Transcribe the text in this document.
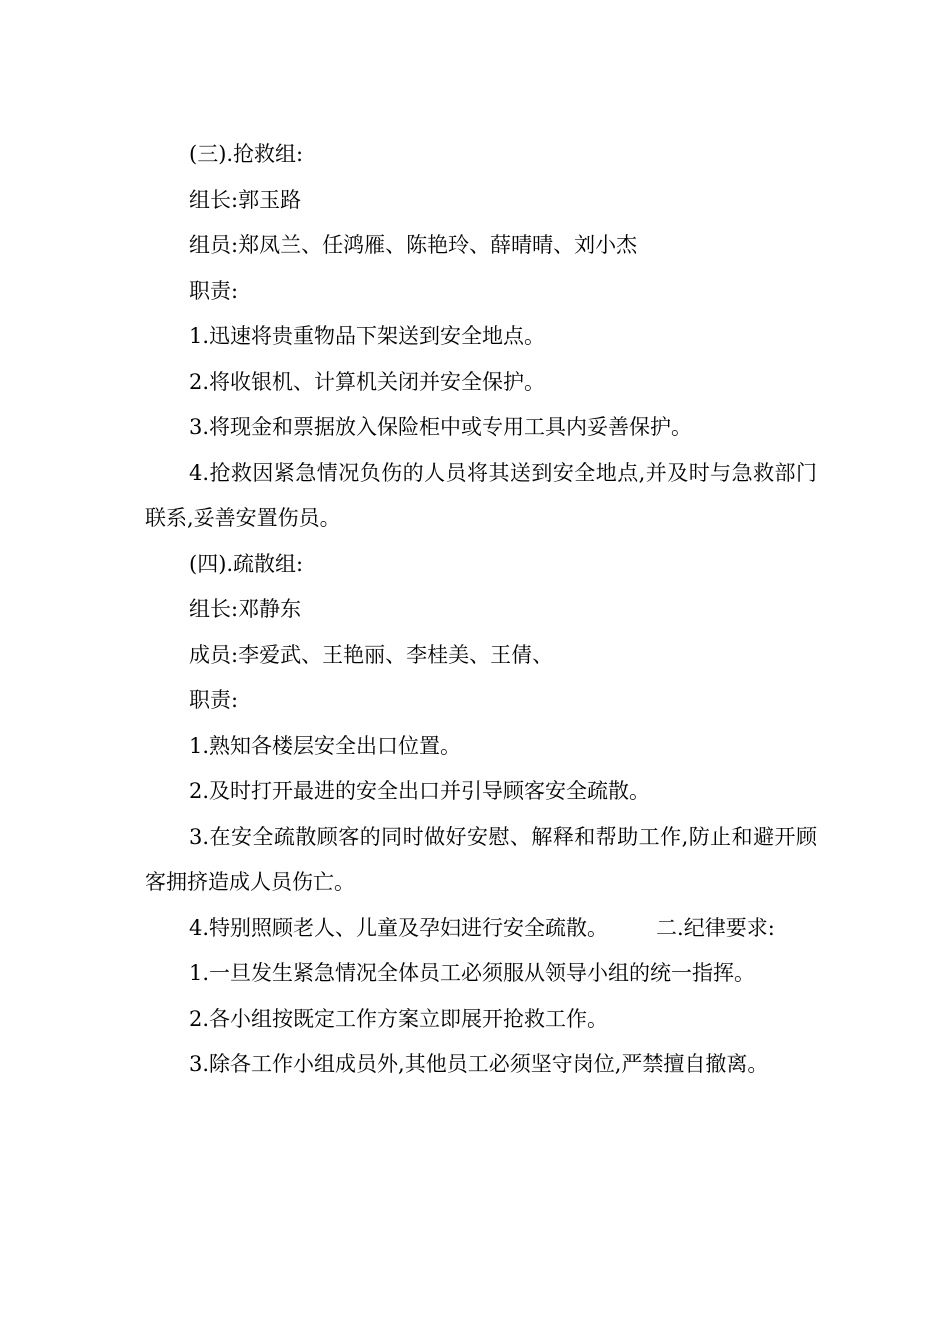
(三).抢救组:

组长:郭玉路

组员:郑凤兰、任鸿雁、陈艳玲、薛晴晴、刘小杰

职责:

1.迅速将贵重物品下架送到安全地点。

2.将收银机、计算机关闭并安全保护。

3.将现金和票据放入保险柜中或专用工具内妥善保护。

4.抢救因紧急情况负伤的人员将其送到安全地点,并及时与急救部门联系,妥善安置伤员。

(四).疏散组:

组长:邓静东

成员:李爱武、王艳丽、李桂美、王倩、

职责:

1.熟知各楼层安全出口位置。

2.及时打开最进的安全出口并引导顾客安全疏散。

3.在安全疏散顾客的同时做好安慰、解释和帮助工作,防止和避开顾客拥挤造成人员伤亡。

4.特别照顾老人、儿童及孕妇进行安全疏散。 二.纪律要求:

1.一旦发生紧急情况全体员工必须服从领导小组的统一指挥。

2.各小组按既定工作方案立即展开抢救工作。

3.除各工作小组成员外,其他员工必须坚守岗位,严禁擅自撤离。
